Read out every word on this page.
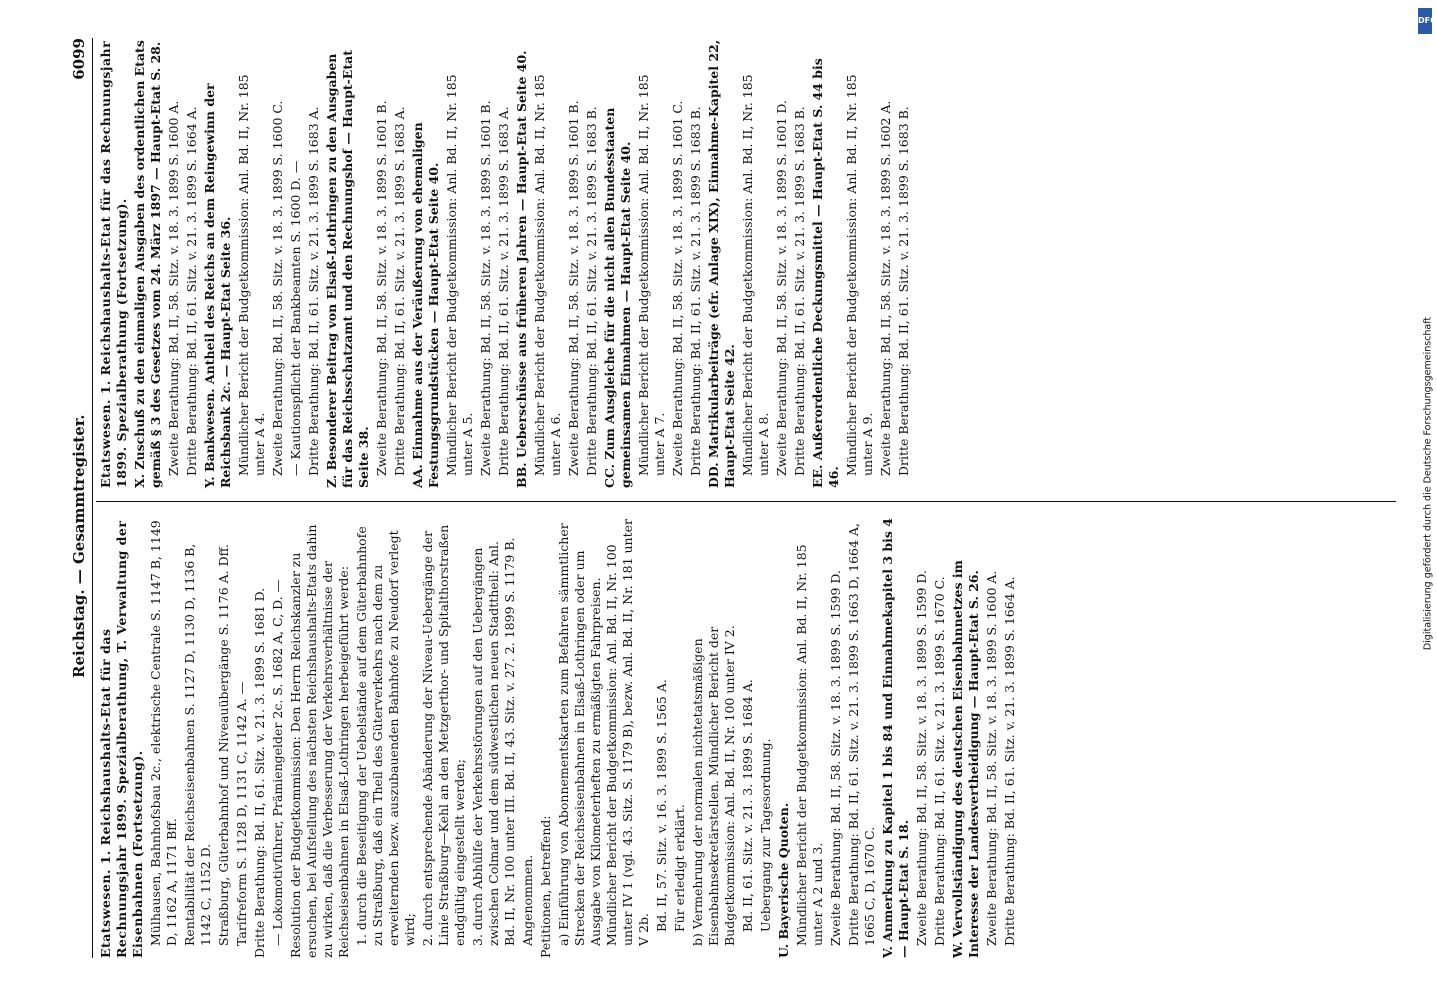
Reichstag. — Gesammtregister.
6099
Etatswesen. 1. Reichshaushalts-Etat für das Rechnungsjahr 1899. Spezialberathung, T. Verwaltung der Eisenbahnen (Fortsetzung). Mülhausen, Bahnhofsbau 2c., elektrische Centrale S. 1147 B, 1149 D, 1162 A, 1171 Bff. Rentabilität der Reichseisenbahnen S. 1127 D, 1130 D, 1136 B, 1142 C, 1152 D. Straßburg, Güterbahnhof und Niveauübergänge S. 1176 A. Dff. Tarifreform S. 1128 D, 1131 C, 1142 A. — Dritte Berathung: Bd. II, 61. Sitz. v. 21. 3. 1899 S. 1681 D. — Lokomotivführer, Prämiengelder 2c. S. 1682 A, C, D. — Resolution der Budgetkommission: Den Herrn Reichskanzler zu ersuchen, bei Aufstellung des nächsten Reichshaushalts-Etats dahin zu wirken, daß die Verbesserung der Verkehrsverhältnisse der Reichseisenbahnen in Elsaß-Lothringen herbeigeführt werde: 1. durch die Beseitigung der Uebelstände auf dem Güterbahnhofe zu Straßburg, daß ein Theil des Güterverkehrs nach dem zu erweiternden bezw. auszubauenden Bahnhofe zu Neudorf verlegt wird; 2. durch entsprechende Abänderung der Niveau-Uebergänge der Linie Straßburg—Kehl an den Metzgerthor- und Spitalthorstraßen endgültig eingestellt werden; 3. durch Abhülfe der Verkehrsstörungen auf den Uebergängen zwischen Colmar und dem südwestlichen neuen Stadttheil: Anl. Bd. II, Nr. 100 unter III. Bd. II, 43. Sitz. v. 27. 2. 1899 S. 1179 B. Angenommen. Petitionen, betreffend: a) Einführung von Abonnementskarten zum Befahren sämmtlicher Strecken der Reichseisenbahnen in Elsaß-Lothringen oder um Ausgabe von Kilometerheften zu ermäßigten Fahrpreisen. Mündlicher Bericht der Budgetkommission: Anl. Bd. II, Nr. 100 unter IV 1 (vgl. 43. Sitz. S. 1179 B), bezw. Anl. Bd. II, Nr. 181 unter V 2b. Bd. II, 57. Sitz. v. 16. 3. 1899 S. 1565 A. Für erledigt erklärt. b) Vermehrung der normalen nichtetatsmäßigen Eisenbahnsekretärstellen. Mündlicher Bericht der Budgetkommission: Anl. Bd. II, Nr. 100 unter IV 2. Bd. II, 61. Sitz. v. 21. 3. 1899 S. 1684 A. Uebergang zur Tagesordnung. U. Bayerische Quoten. Mündlicher Bericht der Budgetkommission: Anl. Bd. II, Nr. 185 unter A 2 und 3. Zweite Berathung: Bd. II, 58. Sitz. v. 18. 3. 1899 S. 1599 D. Dritte Berathung: Bd. II, 61. Sitz. v. 21. 3. 1899 S. 1663 D, 1664 A, 1665 C, D, 1670 C. V. Anmerkung zu Kapitel 1 bis 84 und Einnahmekapitel 3 bis 4 — Haupt-Etat S. 18. Zweite Berathung: Bd. II, 58. Sitz. v. 18. 3. 1899 S. 1599 D. Dritte Berathung: Bd. II, 61. Sitz. v. 21. 3. 1899 S. 1670 C. W. Vervollständigung des deutschen Eisenbahnnetzes im Interesse der Landesvertheidigung — Haupt-Etat S. 26. Zweite Berathung: Bd. II, 58. Sitz. v. 18. 3. 1899 S. 1600 A. Dritte Berathung: Bd. II, 61. Sitz. v. 21. 3. 1899 S. 1664 A.
Etatswesen. 1. Reichshaushalts-Etat für das Rechnungsjahr 1899. Spezialberathung (Fortsetzung). X. Zuschuß zu den einmaligen Ausgaben des ordentlichen Etats gemäß § 3 des Gesetzes vom 24. März 1897 — Haupt-Etat S. 28. Zweite Berathung: Bd. II, 58. Sitz. v. 18. 3. 1899 S. 1600 A. Dritte Berathung: Bd. II, 61. Sitz. v. 21. 3. 1899 S. 1664 A. Y. Bankwesen. Antheil des Reichs an dem Reingewinn der Reichsbank 2c. — Haupt-Etat Seite 36. Mündlicher Bericht der Budgetkommission: Anl. Bd. II, Nr. 185 unter A 4. Zweite Berathung: Bd. II, 58. Sitz. v. 18. 3. 1899 S. 1600 C. — Kautionspflicht der Bankbeamten S. 1600 D. — Dritte Berathung: Bd. II, 61. Sitz. v. 21. 3. 1899 S. 1683 A. Z. Besonderer Beitrag von Elsaß-Lothringen zu den Ausgaben für das Reichsschatzamt und den Rechnungshof — Haupt-Etat Seite 38. Zweite Berathung: Bd. II, 58. Sitz. v. 18. 3. 1899 S. 1601 B. Dritte Berathung: Bd. II, 61. Sitz. v. 21. 3. 1899 S. 1683 A. AA. Einnahme aus der Veräußerung von ehemaligen Festungsgrundstücken — Haupt-Etat Seite 40. Mündlicher Bericht der Budgetkommission: Anl. Bd. II, Nr. 185 unter A 5. Zweite Berathung: Bd. II, 58. Sitz. v. 18. 3. 1899 S. 1601 B. Dritte Berathung: Bd. II, 61. Sitz. v. 21. 3. 1899 S. 1683 A. BB. Ueberschüsse aus früheren Jahren — Haupt-Etat Seite 40. Mündlicher Bericht der Budgetkommission: Anl. Bd. II, Nr. 185 unter A 6. Zweite Berathung: Bd. II, 58. Sitz. v. 18. 3. 1899 S. 1601 B. Dritte Berathung: Bd. II, 61. Sitz. v. 21. 3. 1899 S. 1683 B. CC. Zum Ausgleiche für die nicht allen Bundesstaaten gemeinsamen Einnahmen — Haupt-Etat Seite 40. Mündlicher Bericht der Budgetkommission: Anl. Bd. II, Nr. 185 unter A 7. Zweite Berathung: Bd. II, 58. Sitz. v. 18. 3. 1899 S. 1601 C. Dritte Berathung: Bd. II, 61. Sitz. v. 21. 3. 1899 S. 1683 B. DD. Matrikularbeiträge (efr. Anlage XIX), Einnahme-Kapitel 22, Haupt-Etat Seite 42. Mündlicher Bericht der Budgetkommission: Anl. Bd. II, Nr. 185 unter A 8. Zweite Berathung: Bd. II, 58. Sitz. v. 18. 3. 1899 S. 1601 D. Dritte Berathung: Bd. II, 61. Sitz. v. 21. 3. 1899 S. 1683 B. EE. Außerordentliche Deckungsmittel — Haupt-Etat S. 44 bis 46.
Mündlicher Bericht der Budgetkommission: Anl. Bd. II, Nr. 185 unter A 9. Zweite Berathung: Bd. II, 58. Sitz. v. 18. 3. 1899 S. 1602 A. Dritte Berathung: Bd. II, 61. Sitz. v. 21. 3. 1899 S. 1683 B.
DFG
Digitalisierung gefördert durch die Deutsche Forschungsgemeinschaft
